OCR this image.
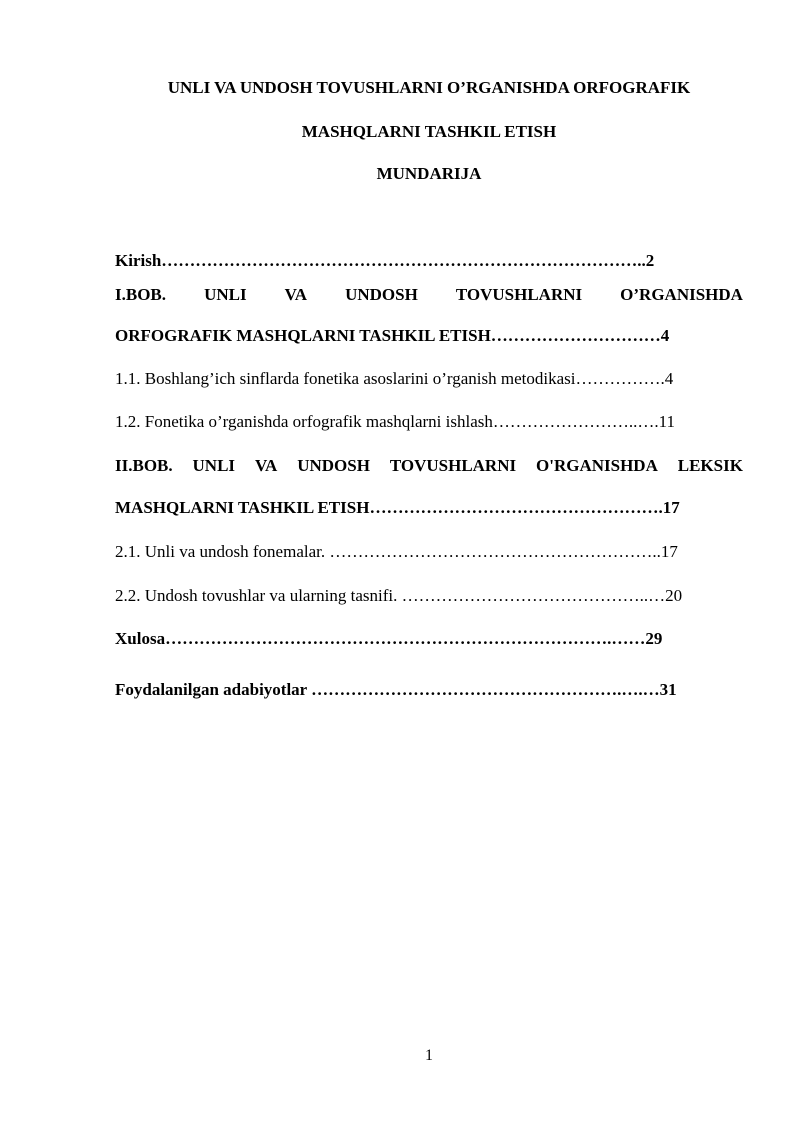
UNLI VA UNDOSH TOVUSHLARNI O’RGANISHDA ORFOGRAFIK
MASHQLARNI TASHKIL ETISH
MUNDARIJA
Kirish…………………………………………………………………………..2
I.BOB. UNLI VA UNDOSH TOVUSHLARNI O’RGANISHDA
ORFOGRAFIK MASHQLARNI TASHKIL ETISH…………………………4
1.1. Boshlang’ich sinflarda fonetika asoslarini o’rganish metodikasi…………….4
1.2. Fonetika o’rganishda orfografik mashqlarni ishlash……………………..….11
II.BOB. UNLI VA UNDOSH TOVUSHLARNI O'RGANISHDA LEKSIK
MASHQLARNI TASHKIL ETISH…………………………………………….17
2.1. Unli va undosh fonemalar. …………………………………………………..17
2.2. Undosh tovushlar va ularning tasnifi. ……………………………………..…20
Xulosa…………………………………………………………………….……29
Foydalanilgan adabiyotlar ……………………………………………….….…31
1
